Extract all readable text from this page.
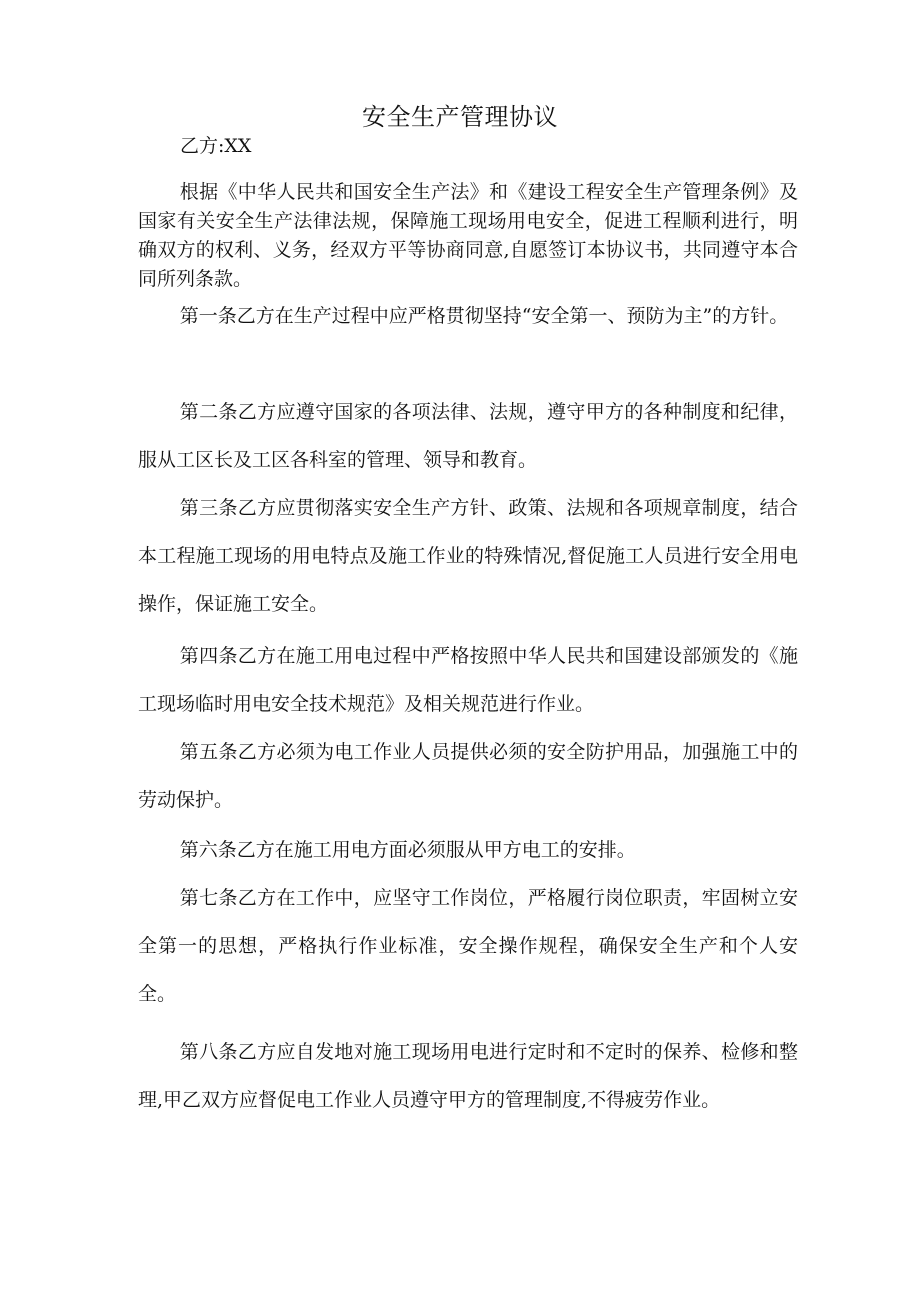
安全生产管理协议
乙方:XX

根据《中华人民共和国安全生产法》和《建设工程安全生产管理条例》及国家有关安全生产法律法规，保障施工现场用电安全，促进工程顺利进行，明确双方的权利、义务，经双方平等协商同意,自愿签订本协议书，共同遵守本合同所列条款。

第一条乙方在生产过程中应严格贯彻坚持“安全第一、预防为主”的方针。

第二条乙方应遵守国家的各项法律、法规，遵守甲方的各种制度和纪律，服从工区长及工区各科室的管理、领导和教育。

第三条乙方应贯彻落实安全生产方针、政策、法规和各项规章制度，结合本工程施工现场的用电特点及施工作业的特殊情况,督促施工人员进行安全用电操作，保证施工安全。

第四条乙方在施工用电过程中严格按照中华人民共和国建设部颁发的《施工现场临时用电安全技术规范》及相关规范进行作业。

第五条乙方必须为电工作业人员提供必须的安全防护用品，加强施工中的劳动保护。

第六条乙方在施工用电方面必须服从甲方电工的安排。

第七条乙方在工作中，应坚守工作岗位，严格履行岗位职责，牢固树立安全第一的思想，严格执行作业标准，安全操作规程，确保安全生产和个人安全。

第八条乙方应自发地对施工现场用电进行定时和不定时的保养、检修和整理,甲乙双方应督促电工作业人员遵守甲方的管理制度,不得疲劳作业。
